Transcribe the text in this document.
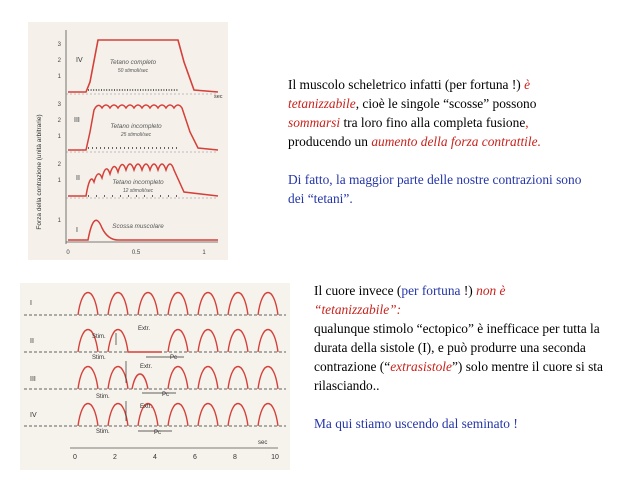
Forza della contrazione (unità arbitrarie)
3
2
1
IV	Tetano completo
50 stimoli/sec
sec
3
2
1
III
Tetano incompleto
25 stimoli/sec
2
1 II
Tetano incompleto
12 stimoli/sec
1
I
Scossa muscolare
0	0.5	1
Il muscolo scheletrico infatti (per fortuna !) è
tetanizzabile, cioè le singole “scosse” possono
sommarsi tra loro fino alla completa fusione,
producendo un aumento della forza contrattile.
Di fatto, la maggior parte delle nostre contrazioni sono dei “tetani”.
I
II
III
IV
Stim.
Extr.
Stim.
Extr.
Stim.
Extr.
Stim.
Pc
Pc
Pc
sec
0	2	4	6	8	10
Il cuore invece (per fortuna !) non è
“tetanizzabile”:
qualunque stimolo “ectopico” è inefficace per tutta la durata della sistole (I), e può produrre una seconda contrazione (“extrasistole”) solo mentre il cuore si sta rilasciando..
Ma qui stiamo uscendo dal seminato !
